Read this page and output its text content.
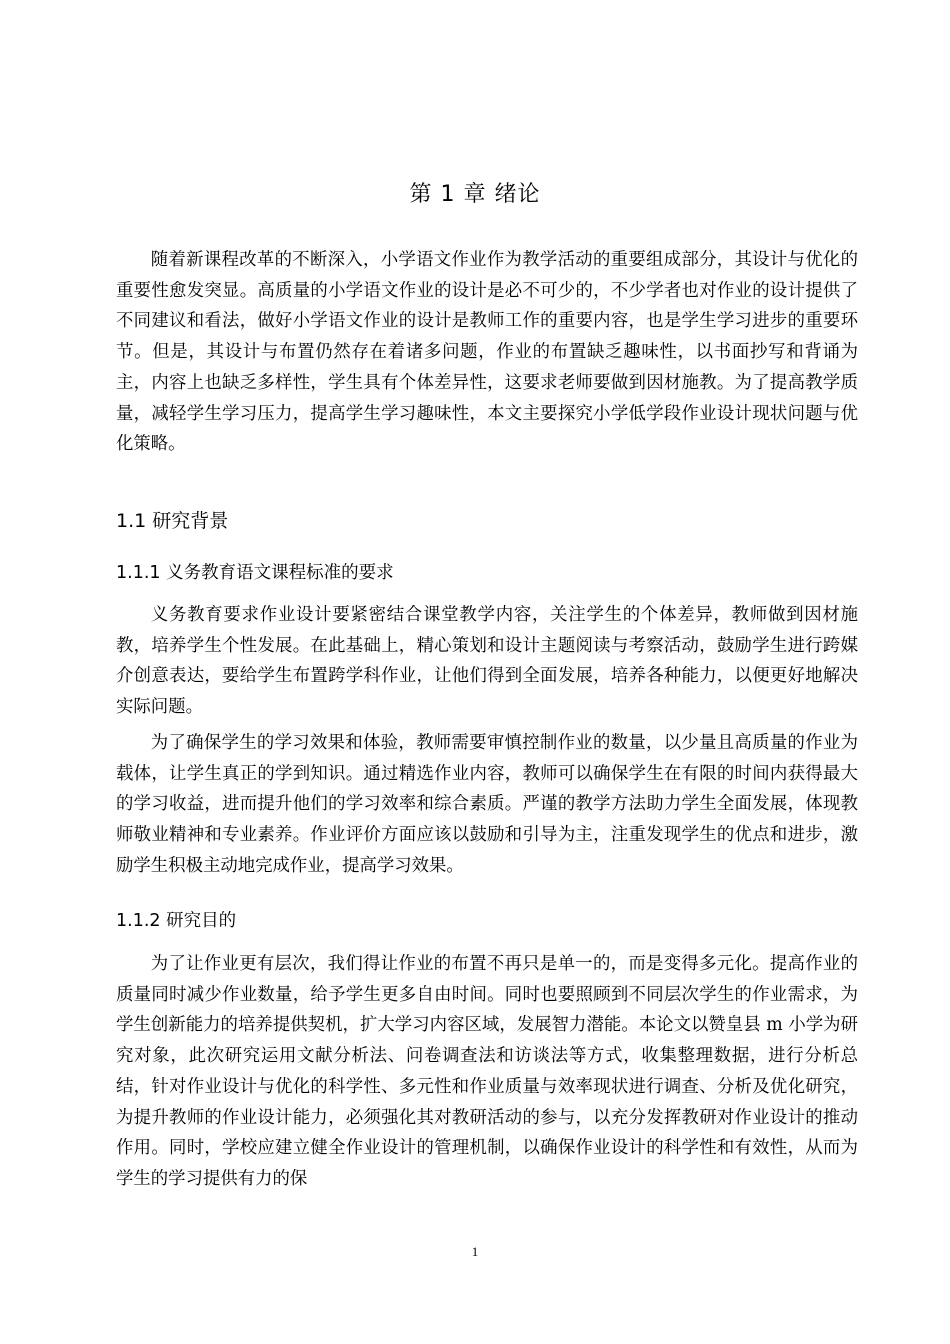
第 1 章 绪论

随着新课程改革的不断深入，小学语文作业作为教学活动的重要组成部分，其设计与优化的重要性愈发突显。高质量的小学语文作业的设计是必不可少的，不少学者也对作业的设计提供了不同建议和看法，做好小学语文作业的设计是教师工作的重要内容，也是学生学习进步的重要环节。但是，其设计与布置仍然存在着诸多问题，作业的布置缺乏趣味性，以书面抄写和背诵为主，内容上也缺乏多样性，学生具有个体差异性，这要求老师要做到因材施教。为了提高教学质量，减轻学生学习压力，提高学生学习趣味性，本文主要探究小学低学段作业设计现状问题与优化策略。

1.1 研究背景
1.1.1 义务教育语文课程标准的要求

义务教育要求作业设计要紧密结合课堂教学内容，关注学生的个体差异，教师做到因材施教，培养学生个性发展。在此基础上，精心策划和设计主题阅读与考察活动，鼓励学生进行跨媒介创意表达，要给学生布置跨学科作业，让他们得到全面发展，培养各种能力，以便更好地解决实际问题。

为了确保学生的学习效果和体验，教师需要审慎控制作业的数量，以少量且高质量的作业为载体，让学生真正的学到知识。通过精选作业内容，教师可以确保学生在有限的时间内获得最大的学习收益，进而提升他们的学习效率和综合素质。严谨的教学方法助力学生全面发展，体现教师敬业精神和专业素养。作业评价方面应该以鼓励和引导为主，注重发现学生的优点和进步，激励学生积极主动地完成作业，提高学习效果。

1.1.2 研究目的

为了让作业更有层次，我们得让作业的布置不再只是单一的，而是变得多元化。提高作业的质量同时减少作业数量，给予学生更多自由时间。同时也要照顾到不同层次学生的作业需求，为学生创新能力的培养提供契机，扩大学习内容区域，发展智力潜能。本论文以赞皇县 m 小学为研究对象，此次研究运用文献分析法、问卷调查法和访谈法等方式，收集整理数据，进行分析总结，针对作业设计与优化的科学性、多元性和作业质量与效率现状进行调查、分析及优化研究，为提升教师的作业设计能力，必须强化其对教研活动的参与，以充分发挥教研对作业设计的推动作用。同时，学校应建立健全作业设计的管理机制，以确保作业设计的科学性和有效性，从而为学生的学习提供有力的保

1
